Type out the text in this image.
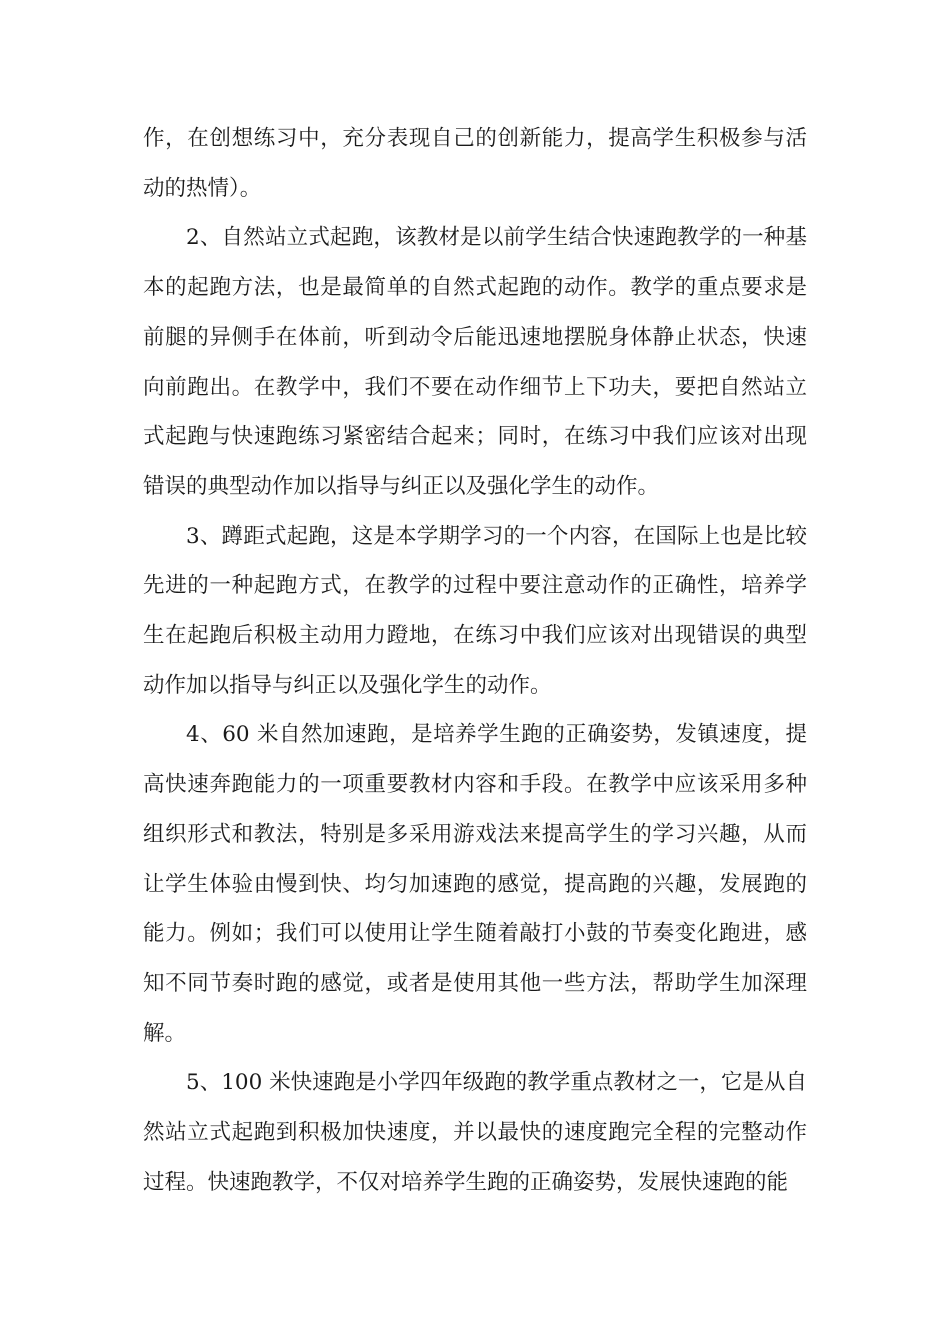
作，在创想练习中，充分表现自己的创新能力，提高学生积极参与活动的热情）。

2、自然站立式起跑，该教材是以前学生结合快速跑教学的一种基本的起跑方法，也是最简单的自然式起跑的动作。教学的重点要求是前腿的异侧手在体前，听到动令后能迅速地摆脱身体静止状态，快速向前跑出。在教学中，我们不要在动作细节上下功夫，要把自然站立式起跑与快速跑练习紧密结合起来；同时，在练习中我们应该对出现错误的典型动作加以指导与纠正以及强化学生的动作。

3、蹲距式起跑，这是本学期学习的一个内容，在国际上也是比较先进的一种起跑方式，在教学的过程中要注意动作的正确性，培养学生在起跑后积极主动用力蹬地，在练习中我们应该对出现错误的典型动作加以指导与纠正以及强化学生的动作。

4、60 米自然加速跑，是培养学生跑的正确姿势，发镇速度，提高快速奔跑能力的一项重要教材内容和手段。在教学中应该采用多种组织形式和教法，特别是多采用游戏法来提高学生的学习兴趣，从而让学生体验由慢到快、均匀加速跑的感觉，提高跑的兴趣，发展跑的能力。例如；我们可以使用让学生随着敲打小鼓的节奏变化跑进，感知不同节奏时跑的感觉，或者是使用其他一些方法，帮助学生加深理解。

5、100 米快速跑是小学四年级跑的教学重点教材之一，它是从自然站立式起跑到积极加快速度，并以最快的速度跑完全程的完整动作过程。快速跑教学，不仅对培养学生跑的正确姿势，发展快速跑的能
